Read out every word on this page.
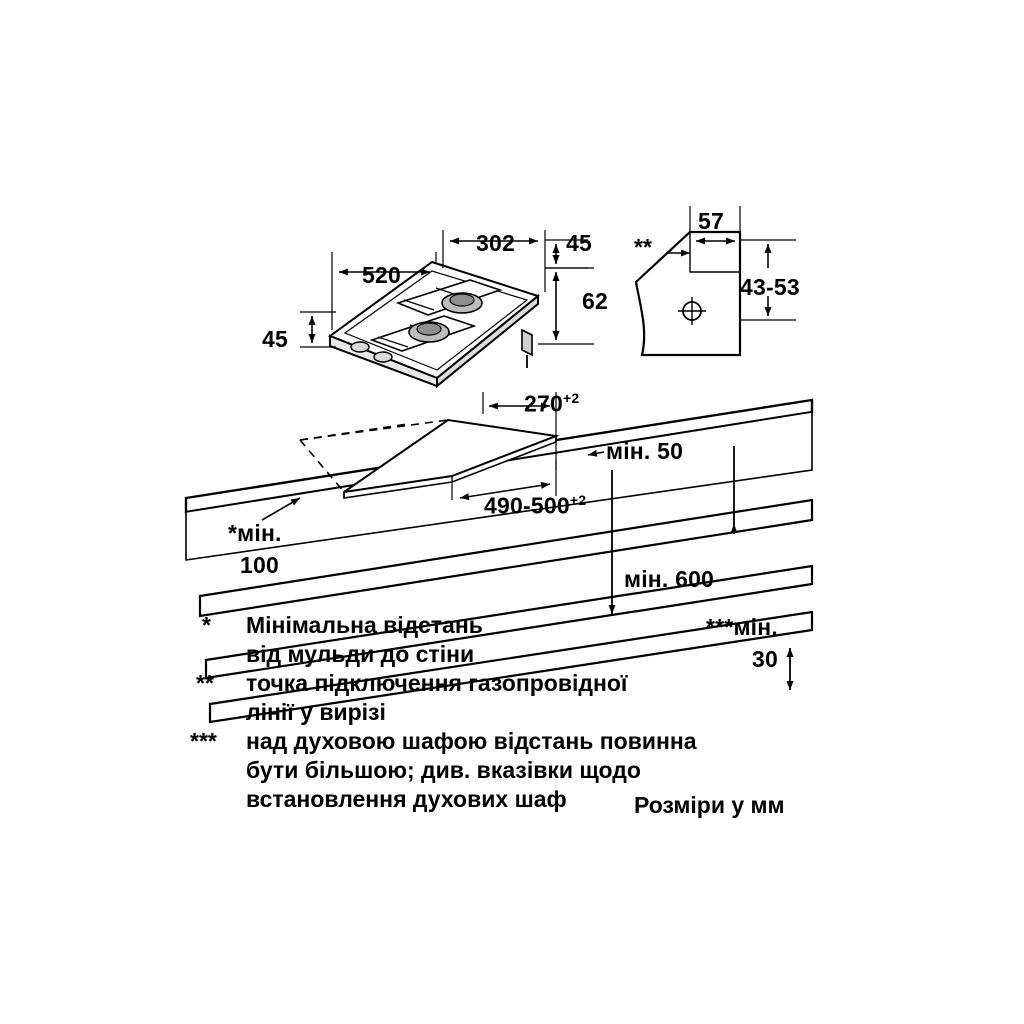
302
520
45
62
45
57
43-53
**
$270^{+2}$
мін. 50
$490-500^{+2}$
мін. 600
*мін.
100
***мін.
30
* Мінімальна відстань
від мульди до стіни
** точка підключення газопровідної
лінії у вирізі
*** над духовою шафою відстань повинна
бути більшою; див. вказівки щодо
встановлення духових шаф	Розміри у мм
